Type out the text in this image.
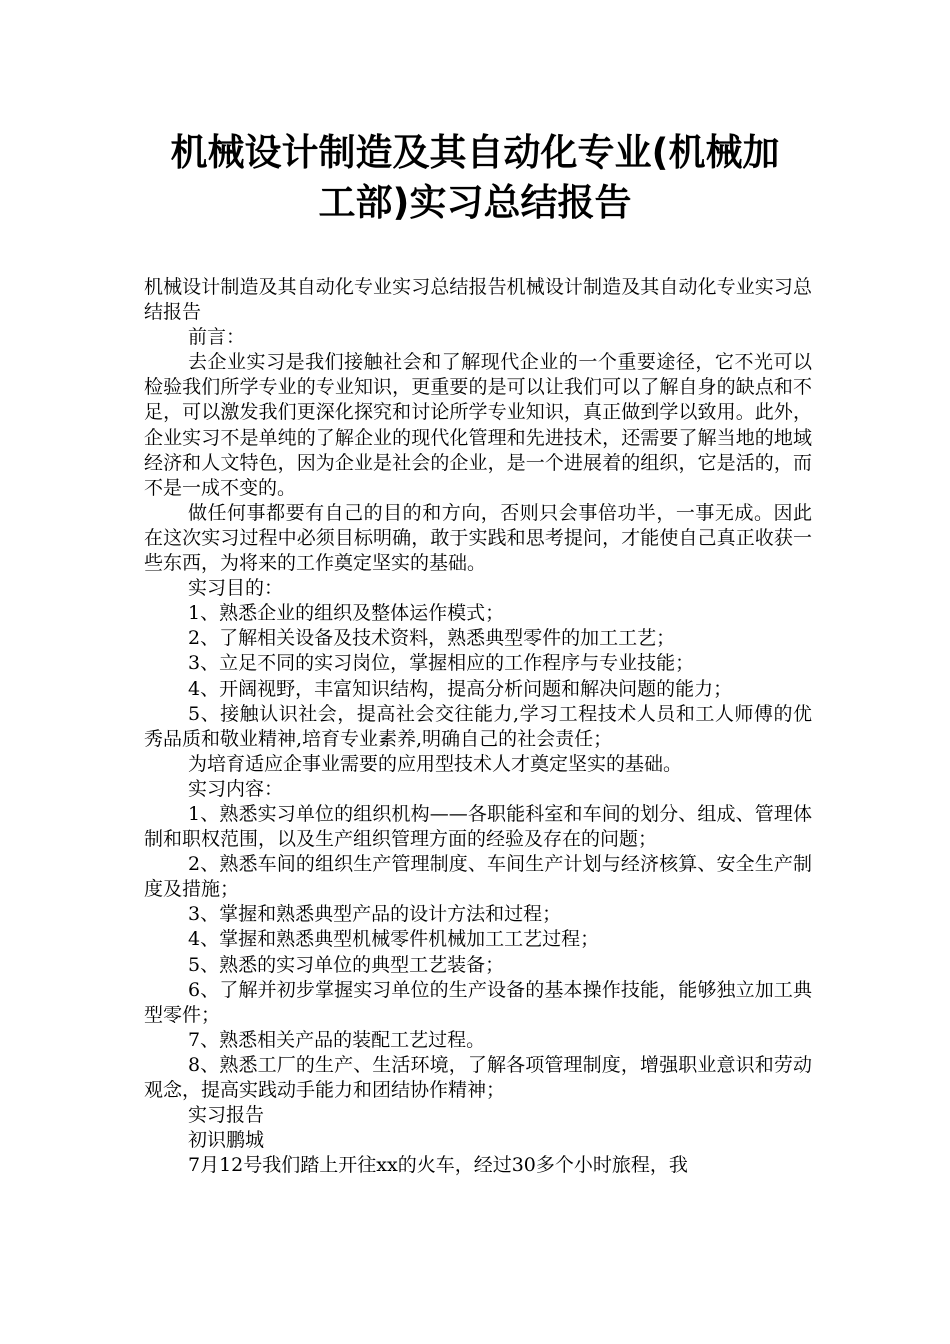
机械设计制造及其自动化专业(机械加
工部)实习总结报告

机械设计制造及其自动化专业实习总结报告机械设计制造及其自动化专业实习总结报告

前言：

去企业实习是我们接触社会和了解现代企业的一个重要途径，它不光可以检验我们所学专业的专业知识，更重要的是可以让我们可以了解自身的缺点和不足，可以激发我们更深化探究和讨论所学专业知识，真正做到学以致用。此外，企业实习不是单纯的了解企业的现代化管理和先进技术，还需要了解当地的地域经济和人文特色，因为企业是社会的企业，是一个进展着的组织，它是活的，而不是一成不变的。

做任何事都要有自己的目的和方向，否则只会事倍功半，一事无成。因此在这次实习过程中必须目标明确，敢于实践和思考提问，才能使自己真正收获一些东西，为将来的工作奠定坚实的基础。

实习目的：

1、熟悉企业的组织及整体运作模式；

2、了解相关设备及技术资料，熟悉典型零件的加工工艺；

3、立足不同的实习岗位，掌握相应的工作程序与专业技能；

4、开阔视野，丰富知识结构，提高分析问题和解决问题的能力；

5、接触认识社会，提高社会交往能力,学习工程技术人员和工人师傅的优秀品质和敬业精神,培育专业素养,明确自己的社会责任；

为培育适应企事业需要的应用型技术人才奠定坚实的基础。

实习内容：

1、熟悉实习单位的组织机构——各职能科室和车间的划分、组成、管理体制和职权范围，以及生产组织管理方面的经验及存在的问题；

2、熟悉车间的组织生产管理制度、车间生产计划与经济核算、安全生产制度及措施；

3、掌握和熟悉典型产品的设计方法和过程；

4、掌握和熟悉典型机械零件机械加工工艺过程；

5、熟悉的实习单位的典型工艺装备；

6、了解并初步掌握实习单位的生产设备的基本操作技能，能够独立加工典型零件；

7、熟悉相关产品的装配工艺过程。

8、熟悉工厂的生产、生活环境，了解各项管理制度，增强职业意识和劳动观念，提高实践动手能力和团结协作精神；

实习报告

初识鹏城

7月12号我们踏上开往xx的火车，经过30多个小时旅程，我
